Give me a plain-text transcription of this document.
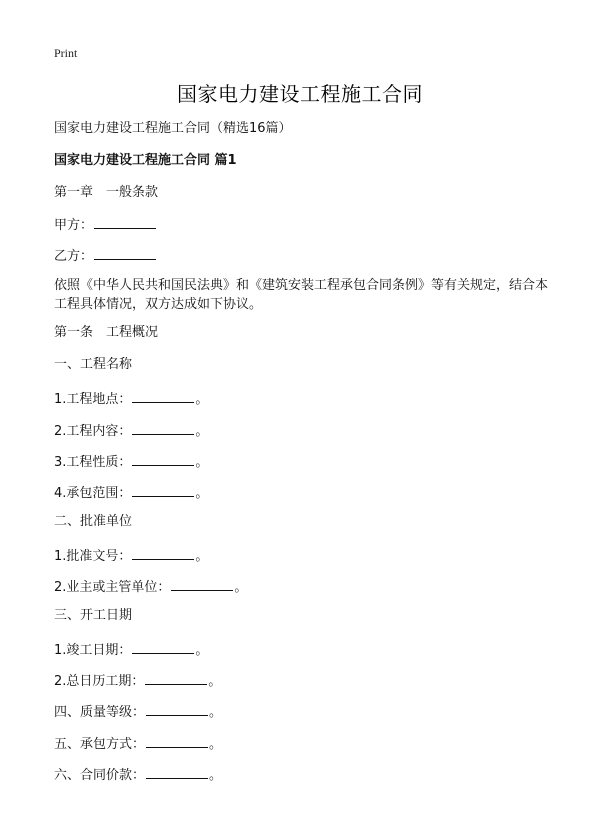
Print
国家电力建设工程施工合同
国家电力建设工程施工合同（精选16篇）
国家电力建设工程施工合同 篇1
第一章　一般条款
甲方：
乙方：
依照《中华人民共和国民法典》和《建筑安装工程承包合同条例》等有关规定，结合本工程具体情况，双方达成如下协议。
第一条　工程概况
一、工程名称
1.工程地点：	。
2.工程内容：	。
3.工程性质：	。
4.承包范围：	。
二、批准单位
1.批准文号：	。
2.业主或主管单位：	。
三、开工日期
1.竣工日期：	。
2.总日历工期：	。
四、质量等级：	。
五、承包方式：	。
六、合同价款：	。
